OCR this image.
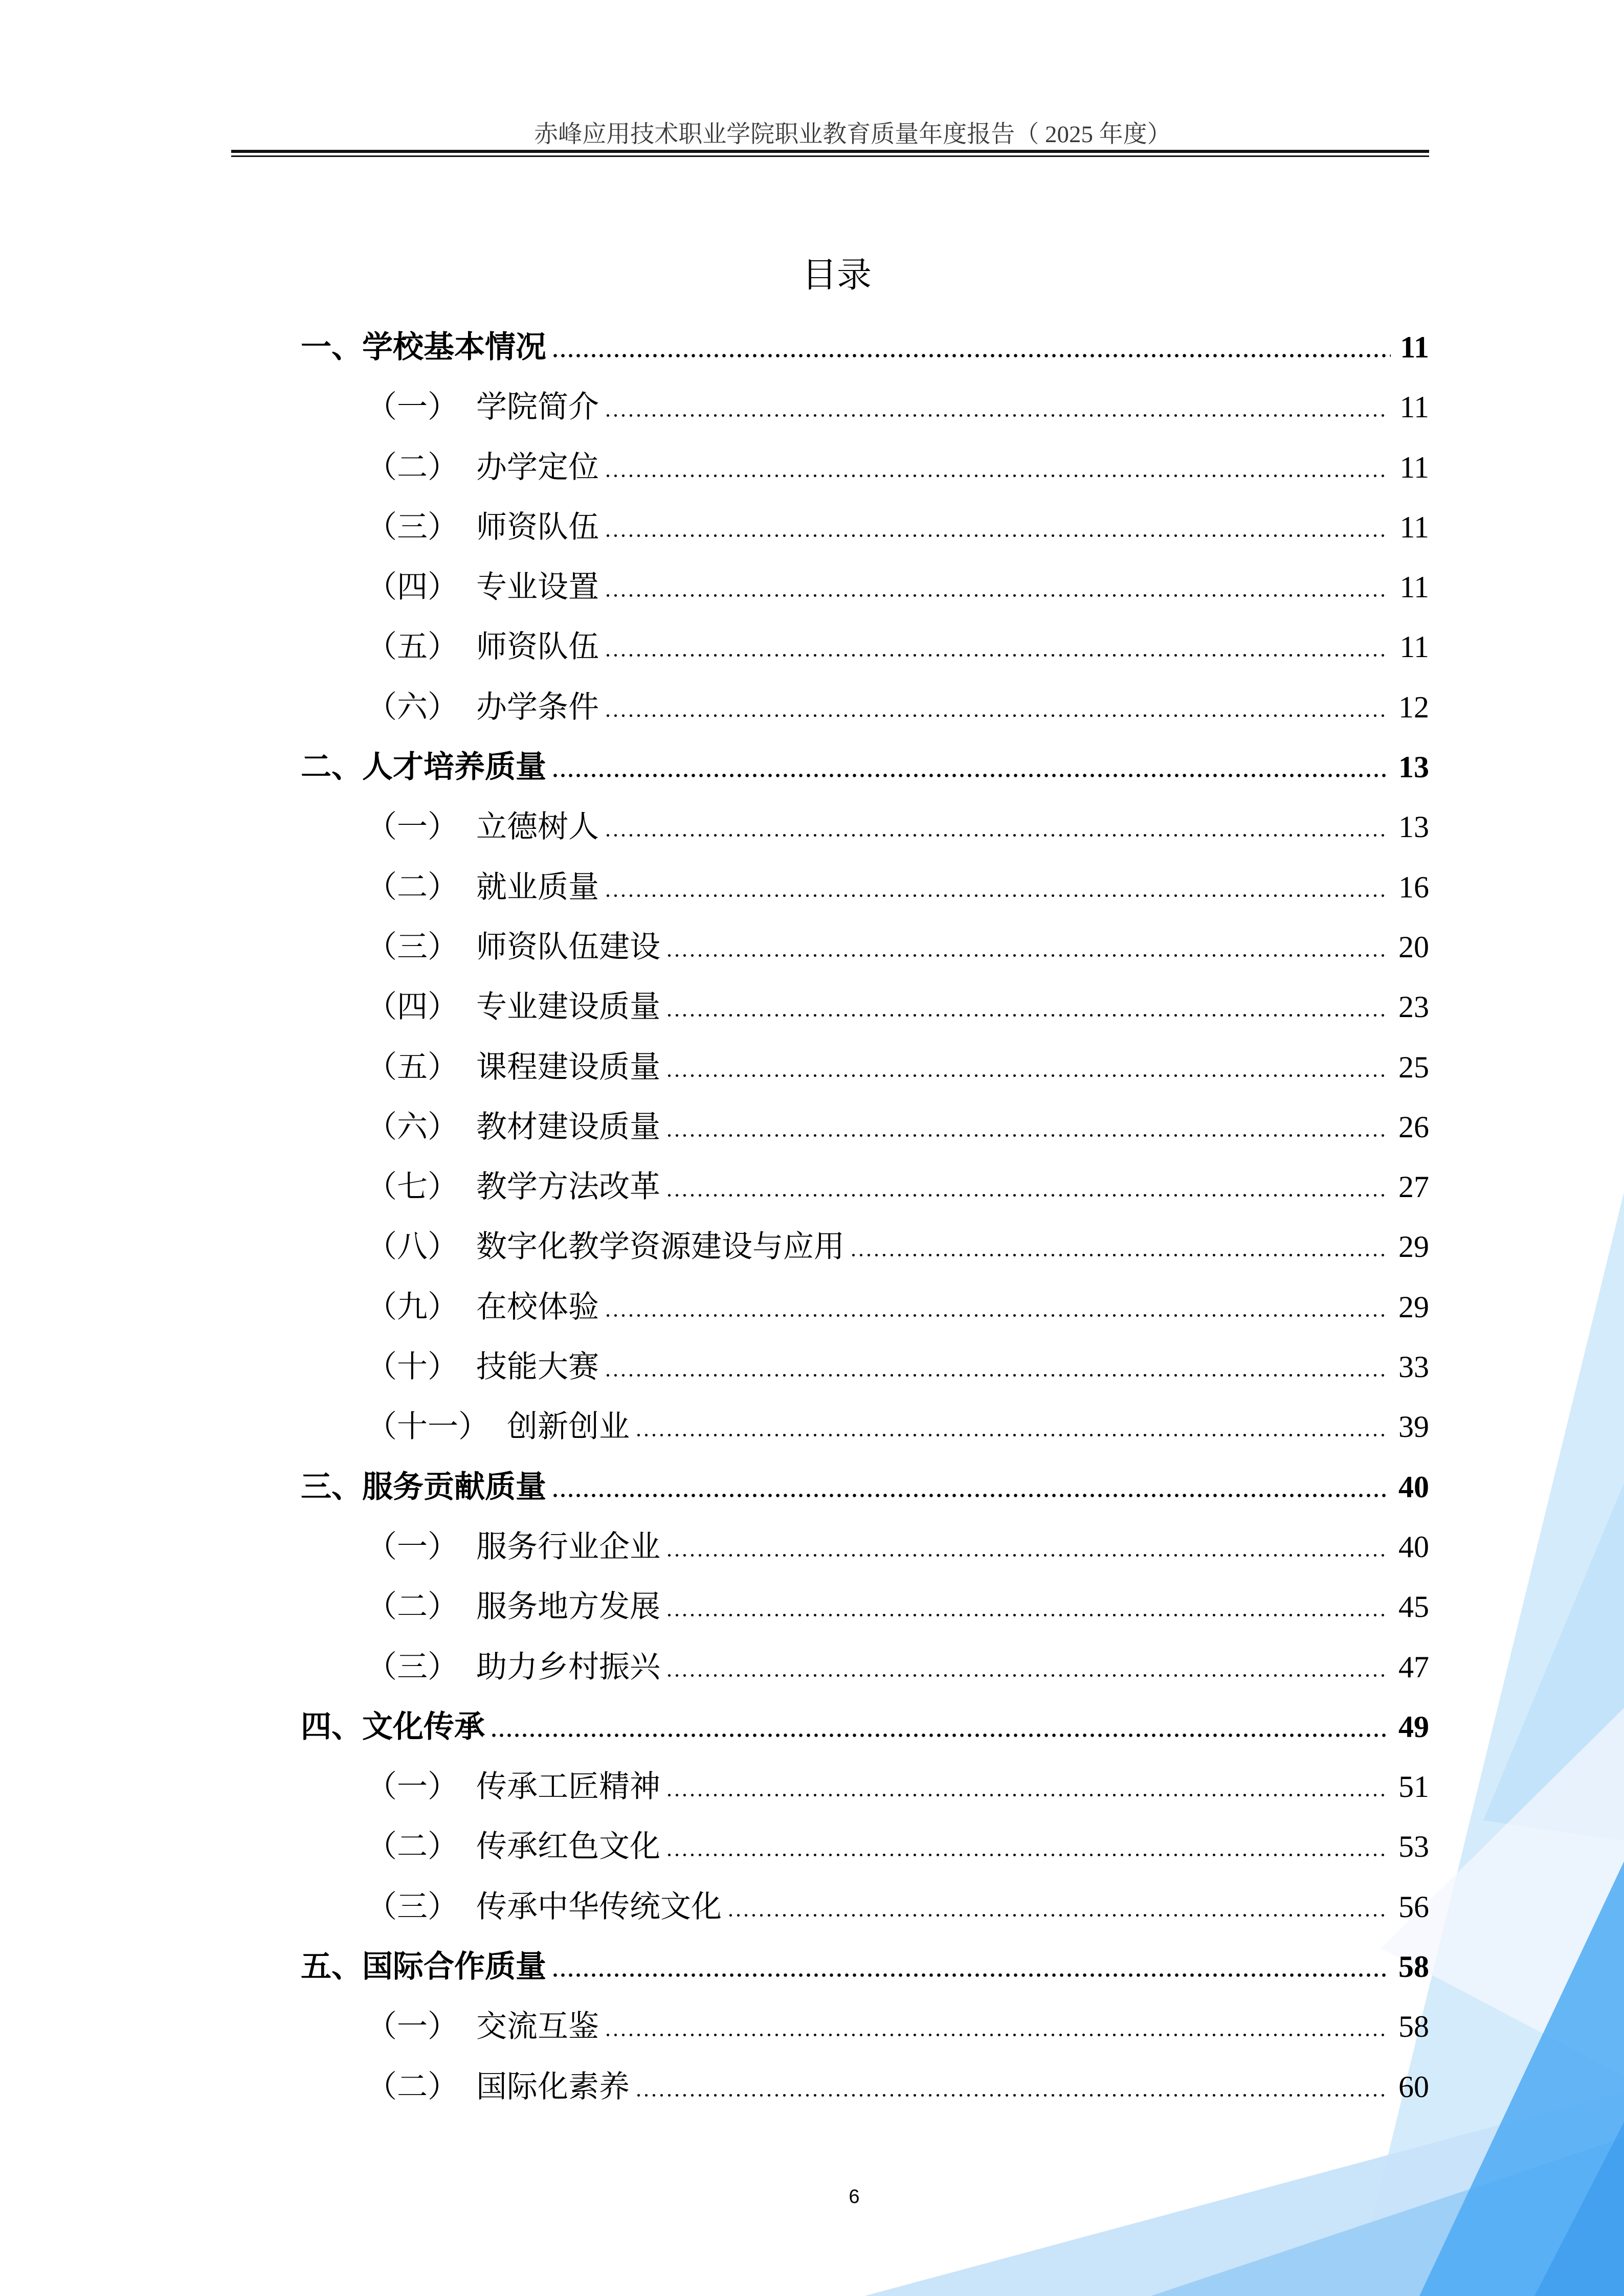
赤峰应用技术职业学院职业教育质量年度报告（ 2025 年度）
目录
一、学校基本情况	11
（一） 学院简介	11
（二） 办学定位	11
（三） 师资队伍	11
（四） 专业设置	11
（五） 师资队伍	11
（六） 办学条件	12
二、人才培养质量	13
（一） 立德树人	13
（二） 就业质量	16
（三） 师资队伍建设	20
（四） 专业建设质量	23
（五） 课程建设质量	25
（六） 教材建设质量	26
（七） 教学方法改革	27
（八） 数字化教学资源建设与应用	29
（九） 在校体验	29
（十） 技能大赛	33
（十一） 创新创业	39
三、服务贡献质量	40
（一） 服务行业企业	40
（二） 服务地方发展	45
（三） 助力乡村振兴	47
四、文化传承	49
（一） 传承工匠精神	51
（二） 传承红色文化	53
（三） 传承中华传统文化	56
五、国际合作质量	58
（一） 交流互鉴	58
（二） 国际化素养	60
6
